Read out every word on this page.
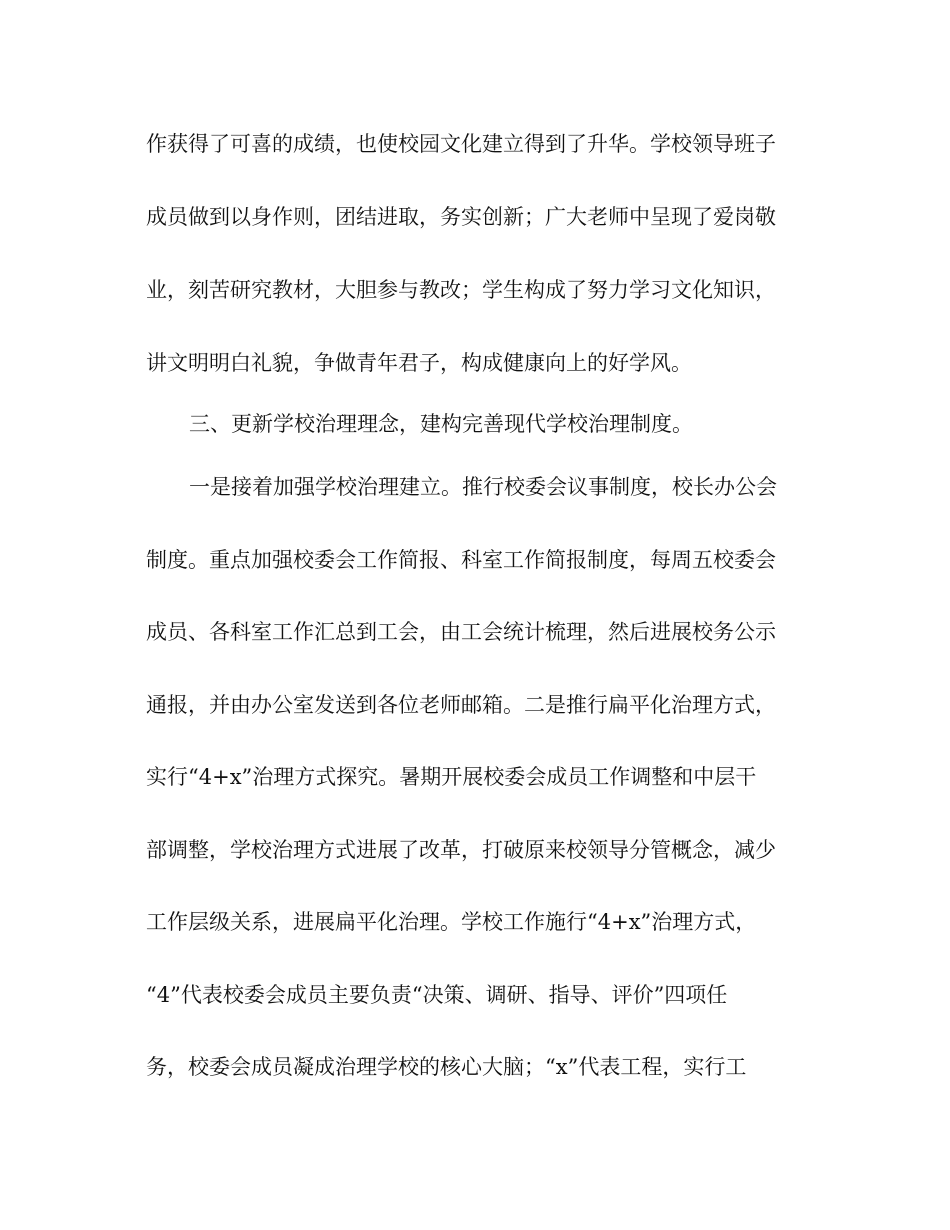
作获得了可喜的成绩，也使校园文化建立得到了升华。学校领导班子
成员做到以身作则，团结进取，务实创新；广大老师中呈现了爱岗敬
业，刻苦研究教材，大胆参与教改；学生构成了努力学习文化知识，
讲文明明白礼貌，争做青年君子，构成健康向上的好学风。
三、更新学校治理理念，建构完善现代学校治理制度。
一是接着加强学校治理建立。推行校委会议事制度，校长办公会
制度。重点加强校委会工作简报、科室工作简报制度，每周五校委会
成员、各科室工作汇总到工会，由工会统计梳理，然后进展校务公示
通报，并由办公室发送到各位老师邮箱。二是推行扁平化治理方式，
实行“4+x”治理方式探究。暑期开展校委会成员工作调整和中层干
部调整，学校治理方式进展了改革，打破原来校领导分管概念，减少
工作层级关系，进展扁平化治理。学校工作施行“4+x”治理方式，
“4”代表校委会成员主要负责“决策、调研、指导、评价”四项任
务，校委会成员凝成治理学校的核心大脑；“x”代表工程，实行工
